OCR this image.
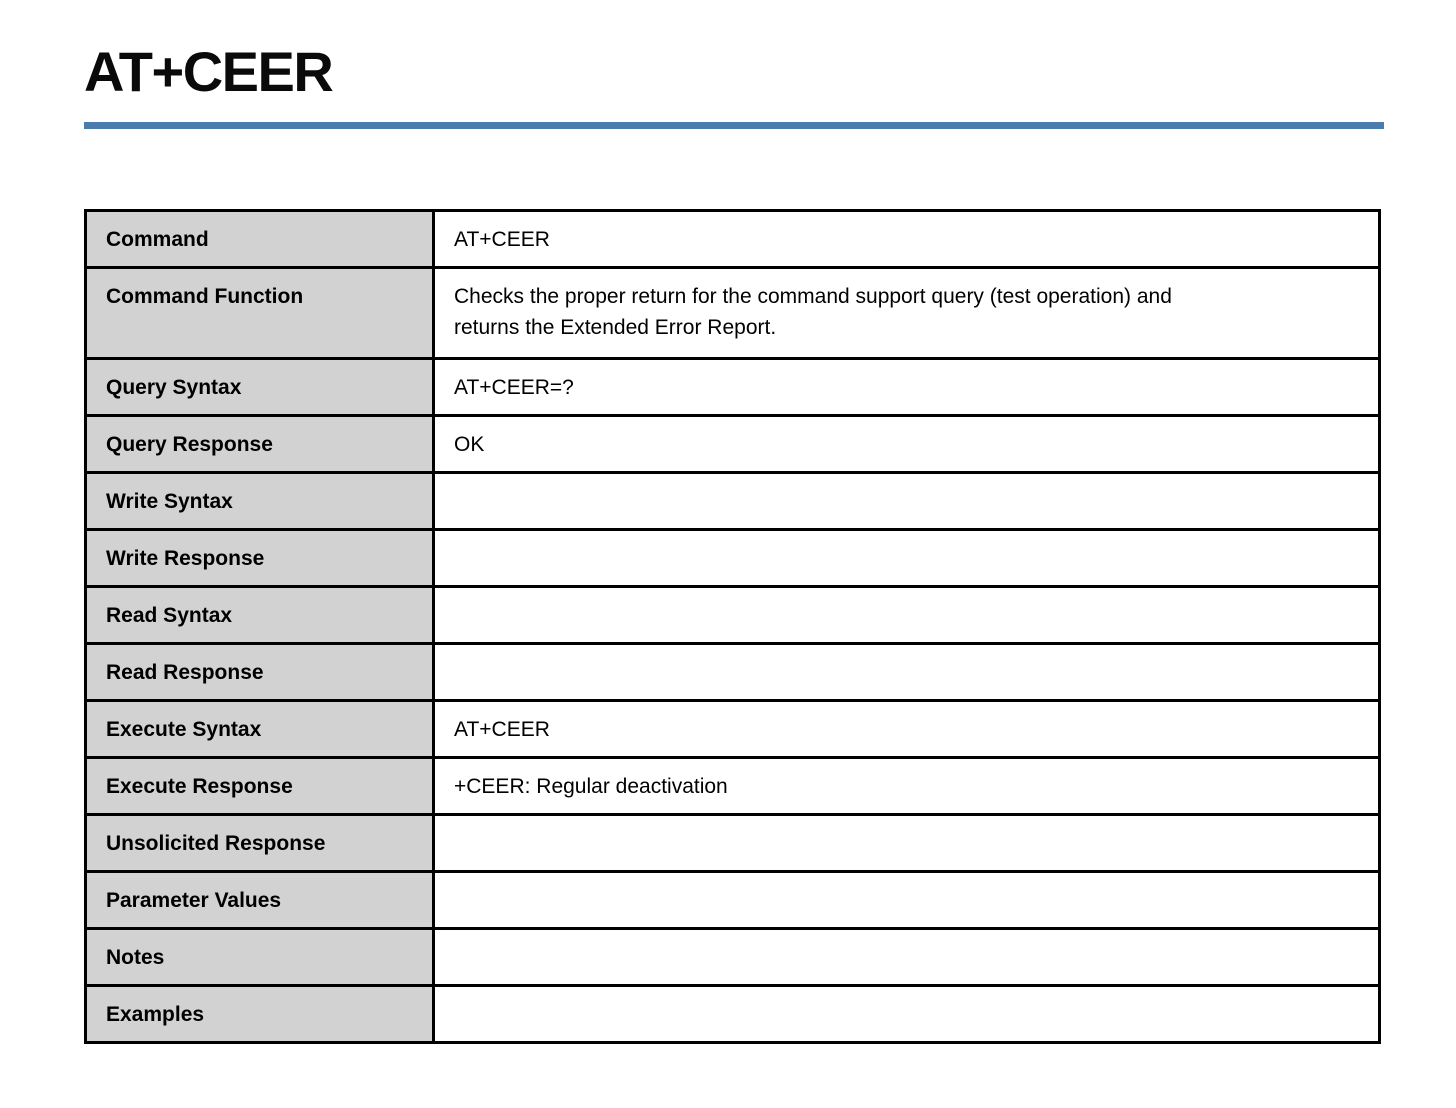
AT+CEER
Command	AT+CEER

Command Function	Checks the proper return for the command support query (test operation) and returns the Extended Error Report.

Query Syntax	AT+CEER=?

Query Response	OK

Write Syntax	

Write Response	

Read Syntax	

Read Response	

Execute Syntax	AT+CEER

Execute Response	+CEER: Regular deactivation

Unsolicited Response	

Parameter Values	

Notes	

Examples	
